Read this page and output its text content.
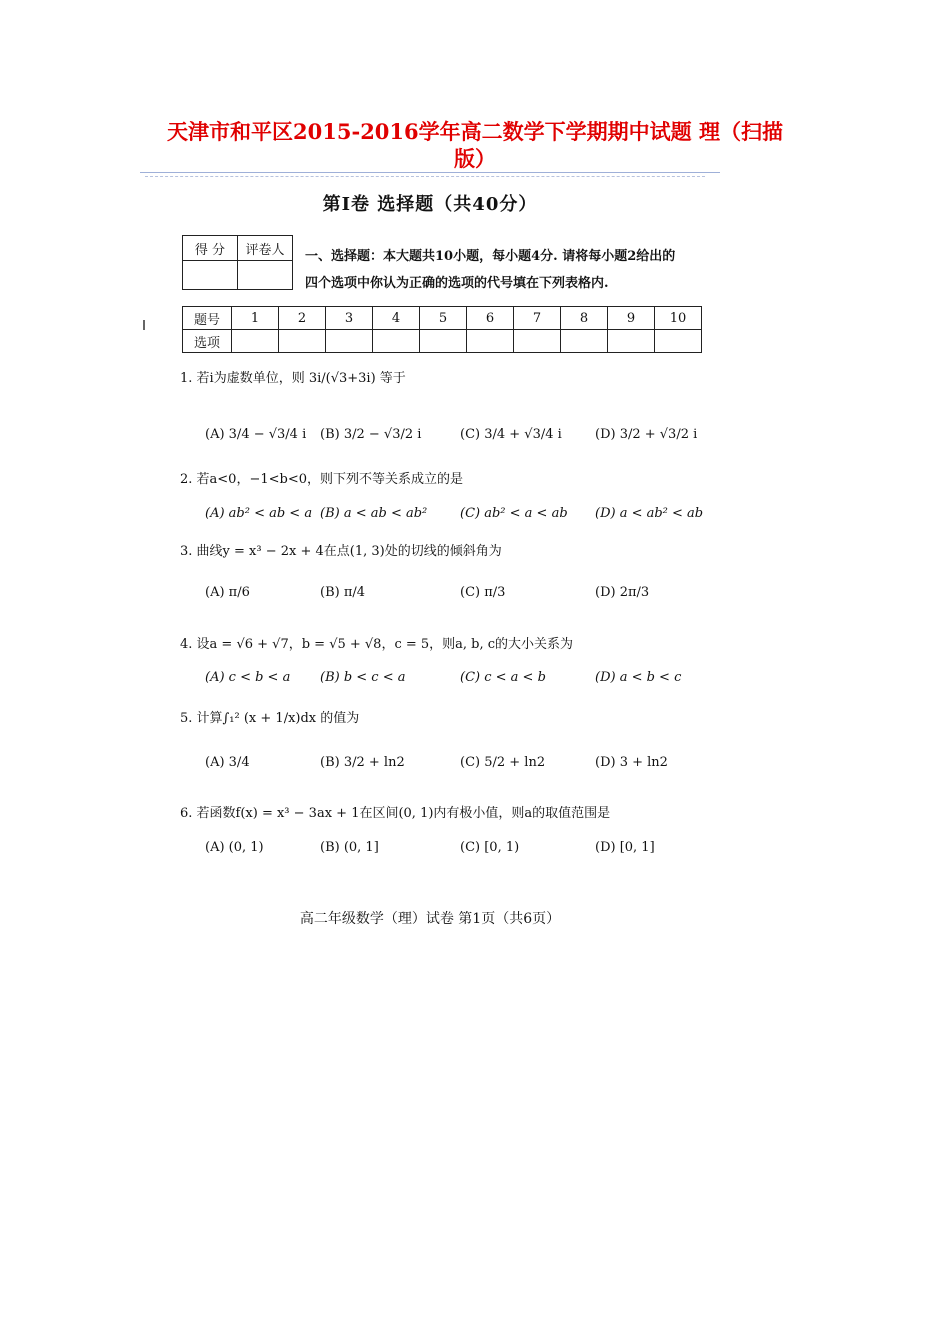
天津市和平区2015-2016学年高二数学下学期期中试题 理（扫描
版）
第Ⅰ卷 选择题（共40分）
得 分	评卷人
	一、选择题：本大题共10小题，每小题4分. 请将每小题2给出的
四个选项中你认为正确的选项的代号填在下列表格内.
题号	1	2	3	4	5	6	7	8	9	10
选项										
1. 若i为虚数单位，则 3i/(√3+3i) 等于
(A) 3/4 − √3/4 i (B) 3/2 − √3/2 i	(C) 3/4 + √3/4 i	(D) 3/2 + √3/2 i
2. 若a<0，−1<b<0，则下列不等关系成立的是
(A) ab² < ab < a (B) a < ab < ab²	(C) ab² < a < ab (D) a < ab² < ab
3. 曲线y = x³ − 2x + 4在点(1, 3)处的切线的倾斜角为
(A) π/6	(B) π/4	(C) π/3	(D) 2π/3
4. 设a = √6 + √7，b = √5 + √8，c = 5，则a, b, c的大小关系为
(A) c < b < a (B) b < c < a	(C) c < a < b	(D) a < b < c
5. 计算∫₁² (x + 1/x)dx 的值为
(A) 3/4	(B) 3/2 + ln2	(C) 5/2 + ln2	(D) 3 + ln2
6. 若函数f(x) = x³ − 3ax + 1在区间(0, 1)内有极小值，则a的取值范围是
(A) (0, 1)	(B) (0, 1]	(C) [0, 1)	(D) [0, 1]
高二年级数学（理）试卷 第1页（共6页）
